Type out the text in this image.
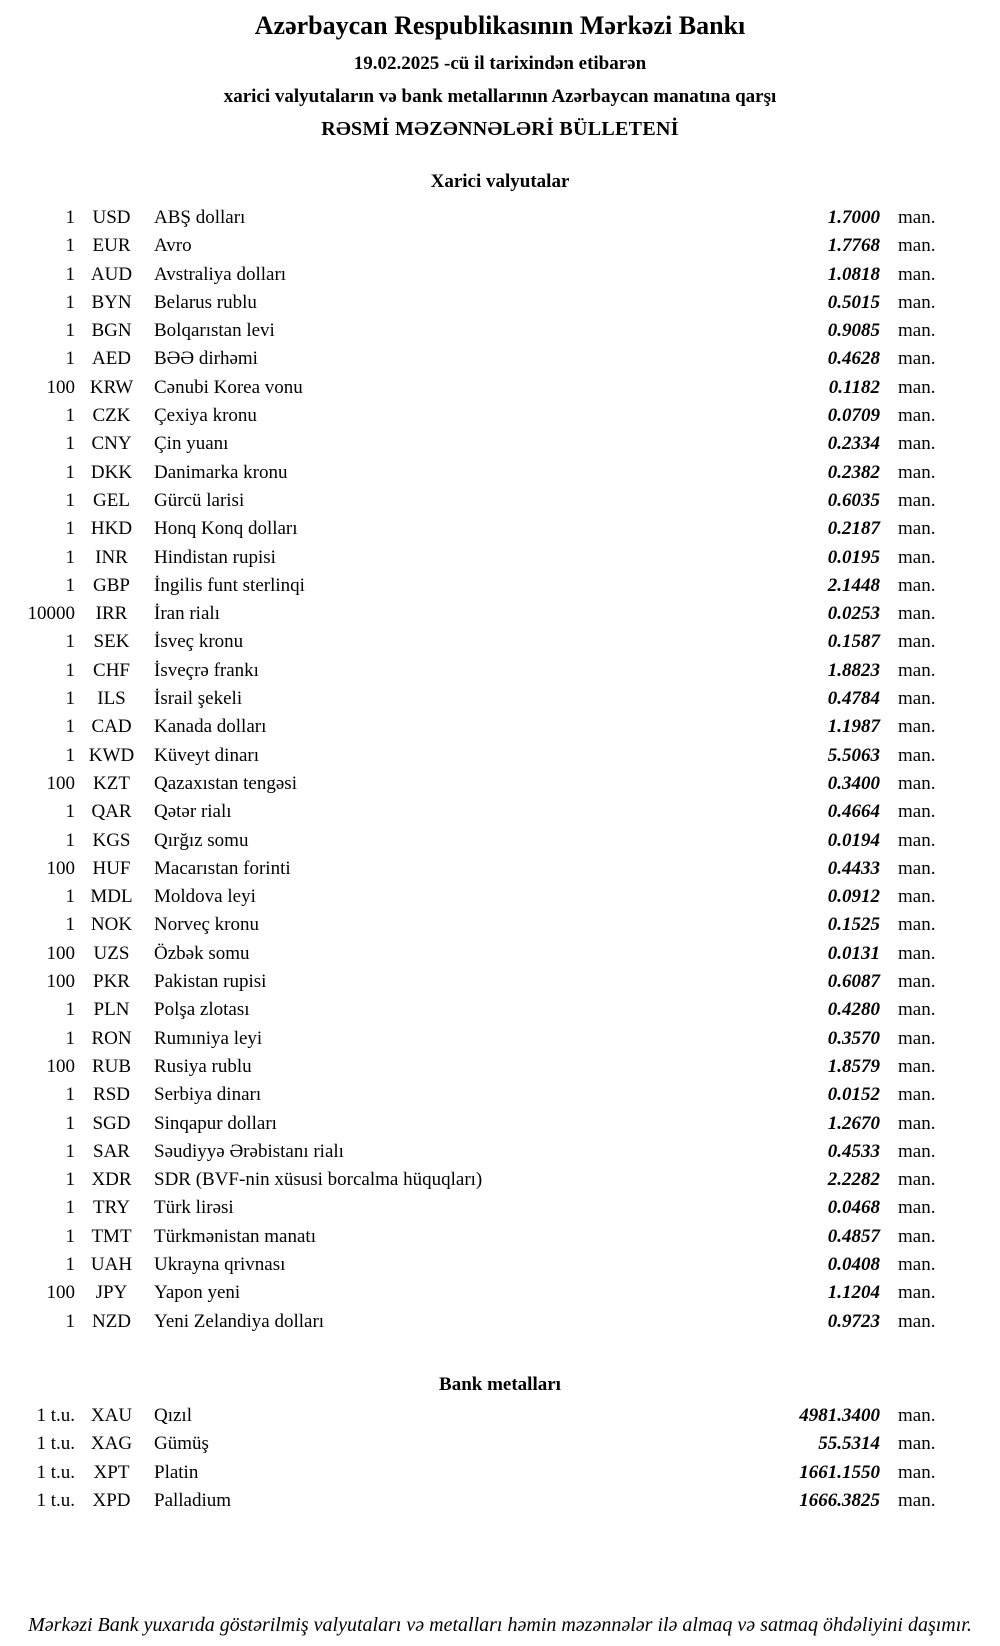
Azərbaycan Respublikasının Mərkəzi Bankı
19.02.2025 -cü il tarixindən etibarən
xarici valyutaların və bank metallarının Azərbaycan manatına qarşı
RƏSMİ MƏZƏNNƏLƏRİ BÜLLETENİ
Xarici valyutalar
1 USD	ABŞ dolları	1.7000 man.
1 EUR	Avro	1.7768 man.
1 AUD	Avstraliya dolları	1.0818 man.
1 BYN	Belarus rublu	0.5015 man.
1 BGN	Bolqarıstan levi	0.9085 man.
1 AED	BƏƏ dirhəmi	0.4628 man.
100 KRW	Cənubi Korea vonu	0.1182 man.
1 CZK	Çexiya kronu	0.0709 man.
1 CNY	Çin yuanı	0.2334 man.
1 DKK	Danimarka kronu	0.2382 man.
1 GEL	Gürcü larisi	0.6035 man.
1 HKD	Honq Konq dolları	0.2187 man.
1	INR	Hindistan rupisi	0.0195 man.
1 GBP	İngilis funt sterlinqi	2.1448 man.
10000	IRR	İran rialı	0.0253 man.
1 SEK	İsveç kronu	0.1587 man.
1 CHF	İsveçrə frankı	1.8823 man.
1	ILS	İsrail şekeli	0.4784 man.
1 CAD	Kanada dolları	1.1987 man.
1 KWD	Küveyt dinarı	5.5063 man.
100 KZT	Qazaxıstan tengəsi	0.3400 man.
1 QAR	Qətər rialı	0.4664 man.
1 KGS	Qırğız somu	0.0194 man.
100 HUF	Macarıstan forinti	0.4433 man.
1 MDL	Moldova leyi	0.0912 man.
1 NOK	Norveç kronu	0.1525 man.
100 UZS	Özbək somu	0.0131 man.
100 PKR	Pakistan rupisi	0.6087 man.
1 PLN	Polşa zlotası	0.4280 man.
1 RON	Rumıniya leyi	0.3570 man.
100 RUB	Rusiya rublu	1.8579 man.
1 RSD	Serbiya dinarı	0.0152 man.
1 SGD	Sinqapur dolları	1.2670 man.
1 SAR	Səudiyyə Ərəbistanı rialı	0.4533 man.
1 XDR	SDR (BVF-nin xüsusi borcalma hüquqları)	2.2282 man.
1 TRY	Türk lirəsi	0.0468 man.
1 TMT	Türkmənistan manatı	0.4857 man.
1 UAH	Ukrayna qrivnası	0.0408 man.
100	JPY	Yapon yeni	1.1204 man.
1 NZD	Yeni Zelandiya dolları	0.9723 man.
Bank metalları
1 t.u. XAU	Qızıl	4981.3400 man.
1 t.u. XAG	Gümüş	55.5314 man.
1 t.u. XPT	Platin	1661.1550 man.
1 t.u. XPD	Palladium	1666.3825 man.
Mərkəzi Bank yuxarıda göstərilmiş valyutaları və metalları həmin məzənnələr ilə almaq və satmaq öhdəliyini daşımır.
